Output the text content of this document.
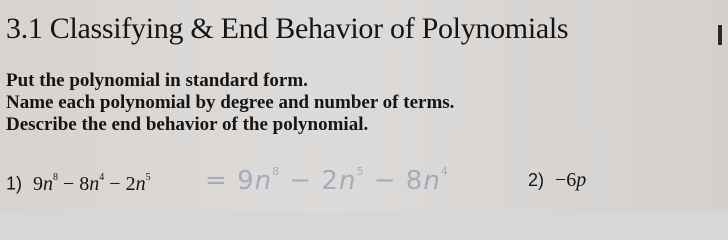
3.1 Classifying & End Behavior of Polynomials
Put the polynomial in standard form.
Name each polynomial by degree and number of terms.
Describe the end behavior of the polynomial.
1) $9n^8 - 8n^4 - 2n^5 = 9n^8 - 2n^5 - 8n^4$	2) −6p
